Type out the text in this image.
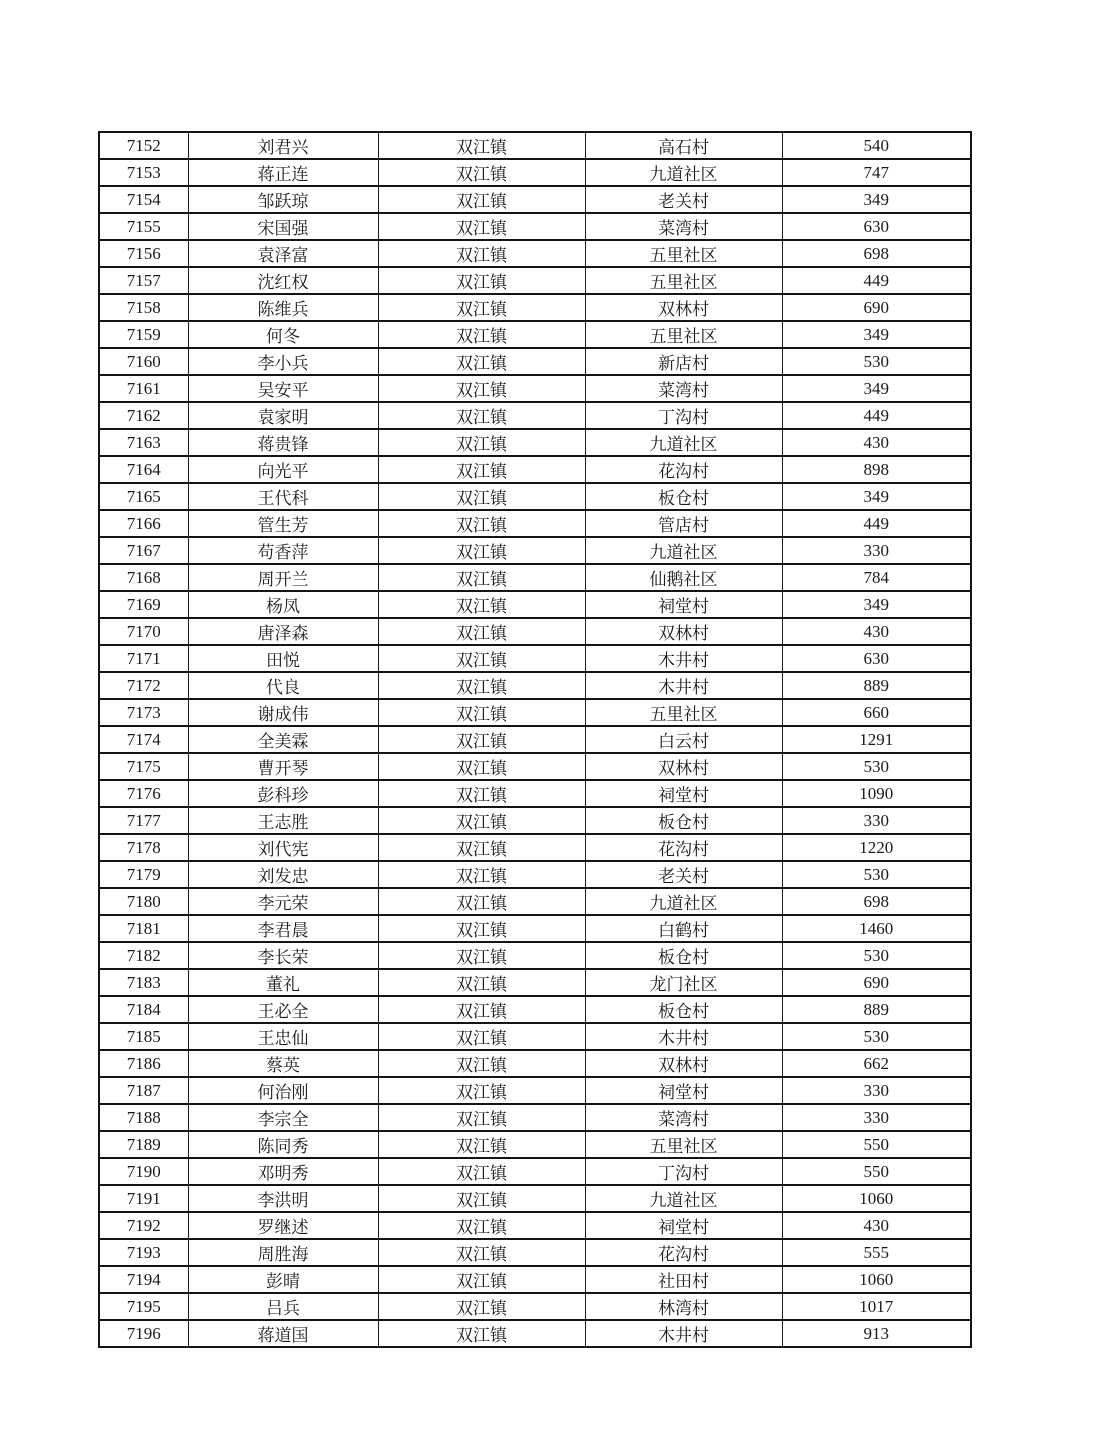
7152	刘君兴	双江镇	高石村	540
7153	蒋正连	双江镇	九道社区	747
7154	邹跃琼	双江镇	老关村	349
7155	宋国强	双江镇	菜湾村	630
7156	袁泽富	双江镇	五里社区	698
7157	沈红权	双江镇	五里社区	449
7158	陈维兵	双江镇	双林村	690
7159	何冬	双江镇	五里社区	349
7160	李小兵	双江镇	新店村	530
7161	吴安平	双江镇	菜湾村	349
7162	袁家明	双江镇	丁沟村	449
7163	蒋贵锋	双江镇	九道社区	430
7164	向光平	双江镇	花沟村	898
7165	王代科	双江镇	板仓村	349
7166	管生芳	双江镇	管店村	449
7167	苟香萍	双江镇	九道社区	330
7168	周开兰	双江镇	仙鹅社区	784
7169	杨凤	双江镇	祠堂村	349
7170	唐泽森	双江镇	双林村	430
7171	田悦	双江镇	木井村	630
7172	代良	双江镇	木井村	889
7173	谢成伟	双江镇	五里社区	660
7174	全美霖	双江镇	白云村	1291
7175	曹开琴	双江镇	双林村	530
7176	彭科珍	双江镇	祠堂村	1090
7177	王志胜	双江镇	板仓村	330
7178	刘代宪	双江镇	花沟村	1220
7179	刘发忠	双江镇	老关村	530
7180	李元荣	双江镇	九道社区	698
7181	李君晨	双江镇	白鹤村	1460
7182	李长荣	双江镇	板仓村	530
7183	董礼	双江镇	龙门社区	690
7184	王必全	双江镇	板仓村	889
7185	王忠仙	双江镇	木井村	530
7186	蔡英	双江镇	双林村	662
7187	何治刚	双江镇	祠堂村	330
7188	李宗全	双江镇	菜湾村	330
7189	陈同秀	双江镇	五里社区	550
7190	邓明秀	双江镇	丁沟村	550
7191	李洪明	双江镇	九道社区	1060
7192	罗继述	双江镇	祠堂村	430
7193	周胜海	双江镇	花沟村	555
7194	彭晴	双江镇	社田村	1060
7195	吕兵	双江镇	林湾村	1017
7196	蒋道国	双江镇	木井村	913
